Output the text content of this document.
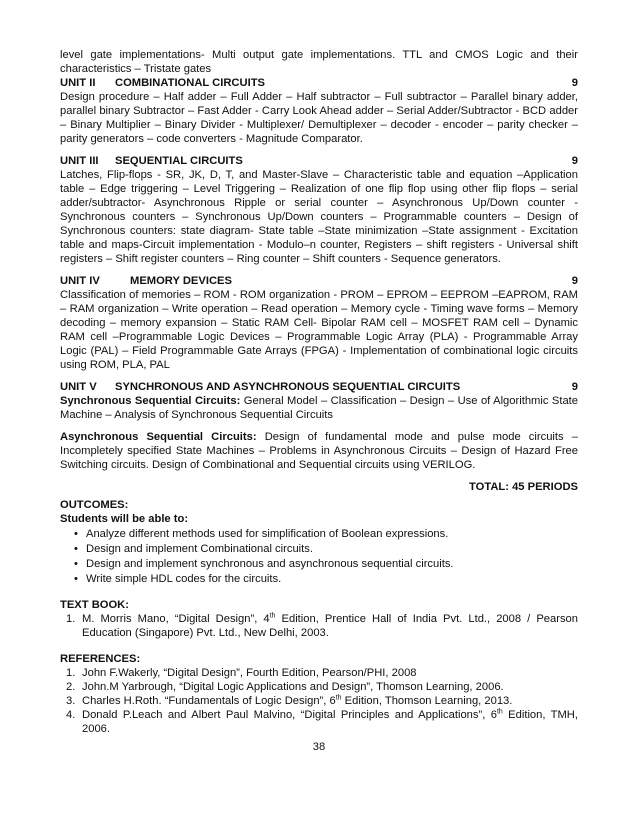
level gate implementations- Multi output gate implementations. TTL and CMOS Logic and their characteristics – Tristate gates

UNIT II	COMBINATIONAL CIRCUITS	9

Design procedure – Half adder – Full Adder – Half subtractor – Full subtractor – Parallel binary adder, parallel binary Subtractor – Fast Adder - Carry Look Ahead adder – Serial Adder/Subtractor - BCD adder – Binary Multiplier – Binary Divider - Multiplexer/ Demultiplexer – decoder - encoder – parity checker – parity generators – code converters - Magnitude Comparator.

UNIT III	SEQUENTIAL CIRCUITS	9

Latches, Flip-flops - SR, JK, D, T, and Master-Slave – Characteristic table and equation –Application table – Edge triggering – Level Triggering – Realization of one flip flop using other flip flops – serial adder/subtractor- Asynchronous Ripple or serial counter – Asynchronous Up/Down counter - Synchronous counters – Synchronous Up/Down counters – Programmable counters – Design of Synchronous counters: state diagram- State table –State minimization –State assignment - Excitation table and maps-Circuit implementation - Modulo–n counter, Registers – shift registers - Universal shift registers – Shift register counters – Ring counter – Shift counters - Sequence generators.

UNIT IV	MEMORY DEVICES	9

Classification of memories – ROM - ROM organization - PROM – EPROM – EEPROM –EAPROM, RAM – RAM organization – Write operation – Read operation – Memory cycle - Timing wave forms – Memory decoding – memory expansion – Static RAM Cell- Bipolar RAM cell – MOSFET RAM cell – Dynamic RAM cell –Programmable Logic Devices – Programmable Logic Array (PLA) - Programmable Array Logic (PAL) – Field Programmable Gate Arrays (FPGA) - Implementation of combinational logic circuits using ROM, PLA, PAL

UNIT V	SYNCHRONOUS AND ASYNCHRONOUS SEQUENTIAL CIRCUITS	9

Synchronous Sequential Circuits: General Model – Classification – Design – Use of Algorithmic State Machine – Analysis of Synchronous Sequential Circuits

Asynchronous Sequential Circuits: Design of fundamental mode and pulse mode circuits – Incompletely specified State Machines – Problems in Asynchronous Circuits – Design of Hazard Free Switching circuits. Design of Combinational and Sequential circuits using VERILOG.

TOTAL: 45 PERIODS
OUTCOMES:
Students will be able to:
• Analyze different methods used for simplification of Boolean expressions.
• Design and implement Combinational circuits.
• Design and implement synchronous and asynchronous sequential circuits.
• Write simple HDL codes for the circuits.
TEXT BOOK:
1. M. Morris Mano, “Digital Design”, 4th Edition, Prentice Hall of India Pvt. Ltd., 2008 / Pearson Education (Singapore) Pvt. Ltd., New Delhi, 2003.
REFERENCES:
1. John F.Wakerly, “Digital Design”, Fourth Edition, Pearson/PHI, 2008
2. John.M Yarbrough, “Digital Logic Applications and Design”, Thomson Learning, 2006.
3. Charles H.Roth. “Fundamentals of Logic Design”, 6th Edition, Thomson Learning, 2013.
4. Donald P.Leach and Albert Paul Malvino, “Digital Principles and Applications”, 6th Edition, TMH, 2006.
38
